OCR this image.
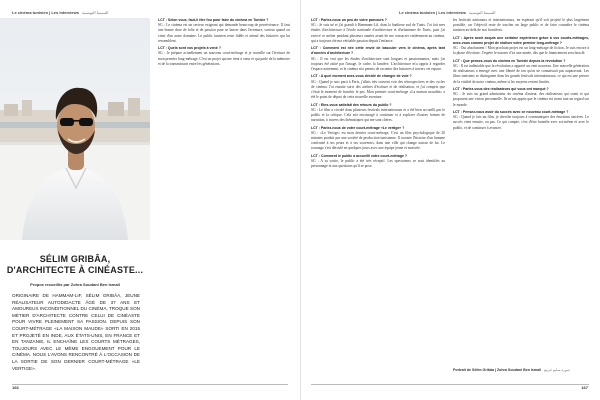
Le cinéma tunisien | Les interviews السينما التونسية
SÉLIM GRIBÂA,
D'ARCHITECTE À CINÉASTE...
Propos recueillis par Zohra Soudani Ben Ismail
ORIGINAIRE DE HAMMAM-LIF, SÉLIM GRIBÂA, JEUNE RÉALISATEUR AUTODIDACTE ÂGÉ DE 37 ANS ET AMOUREUX INCONDITIONNEL DU CINÉMA, TROQUE SON MÉTIER D'ARCHITECTE CONTRE CELUI DE CINÉASTE POUR VIVRE PLEINEMENT SA PASSION. DEPUIS SON COURT-MÉTRAGE «LA MAISON MAUDE» SORTI EN 2015 ET PROJETÉ EN INDE, AUX ÉTATS-UNIS, EN FRANCE ET EN TANZANIE, IL ENCHAÎNE LES COURTS MÉTRAGES, TOUJOURS AVEC LE MÊME ENGOUEMENT POUR LE CINÉMA. NOUS L'AVONS RENCONTRÉ À L'OCCASION DE LA SORTIE DE SON DERNIER COURT-MÉTRAGE «LE VERTIGE».
LCT : Selon vous, faut-il être fou pour faire du cinéma en Tunisie ?
SG : Le cinéma est un secteur exigeant qui demande beaucoup de persévérance. Il faut une bonne dose de folie et de passion pour se lancer dans l'aventure, surtout quand on vient d'un autre domaine. Le public tunisien reste fidèle et attend des histoires qui lui ressemblent.
LCT : Quels sont vos projets à venir ?
SG : Je prépare actuellement un nouveau court-métrage et je travaille sur l'écriture de mon premier long-métrage. C'est un projet qui me tient à cœur et qui parle de la mémoire et de la transmission entre les générations.
166
Le cinéma tunisien | Les interviews السينما التونسية
LCT : Parlez-nous un peu de votre parcours ?
SG : Je suis né et j'ai grandi à Hammam-Lif, dans la banlieue sud de Tunis. J'ai fait mes études d'architecture à l'école nationale d'architecture et d'urbanisme de Tunis, puis j'ai exercé ce métier pendant plusieurs années avant de me consacrer entièrement au cinéma, qui a toujours été ma véritable passion depuis l'enfance.
LCT : Comment est née cette envie de basculer vers le cinéma, après tant d'années d'architecture ?
SG : Il est vrai que les études d'architecture sont longues et passionnantes, mais j'ai toujours été attiré par l'image, le cadre, la lumière. L'architecture m'a appris à regarder l'espace autrement, et le cinéma m'a permis de raconter des histoires à travers cet espace.
LCT : A quel moment avez-vous décidé de changer de voie ?
SG : Quand je suis parti à Paris, j'allais très souvent voir des rétrospectives et des cycles de cinéma. J'ai ensuite suivi des ateliers d'écriture et de réalisation, et j'ai compris que c'était le moment de franchir le pas. Mon premier court-métrage «La maison maudite» a été le point de départ de cette nouvelle aventure.
LCT : Etes-vous satisfait des retours du public ?
SG : Le film a circulé dans plusieurs festivals internationaux et a été bien accueilli par le public et la critique. Cela m'a encouragé à continuer et à explorer d'autres formes de narration, à travers des thématiques qui me sont chères.
LCT : Parlez-nous de votre court-métrage «Le vertige» ?
SG : «Le Vertige» est mon dernier court-métrage. C'est un film psychologique de 20 minutes produit par une société de production tunisienne. Il raconte l'histoire d'un homme confronté à ses peurs et à ses souvenirs, dans une ville qui change autour de lui. Le tournage s'est déroulé en quelques jours avec une équipe jeune et motivée.
LCT : Comment le public a accueilli votre court-métrage ?
SG : A sa sortie, le public a été très réceptif. Les spectateurs se sont identifiés au personnage et aux questions qu'il se pose.
les festivals nationaux et internationaux, en espérant qu'il soit projeté le plus largement possible, car l'objectif reste de toucher un large public et de faire connaître le cinéma tunisien au-delà de nos frontières.
LCT : Après avoir acquis une certaine expérience grâce à vos courts-métrages, avez-vous comme projet de réaliser votre premier long-métrage ?
SG : Oui absolument ! Mon prochain projet est un long-métrage de fiction. Je suis encore à la phase d'écriture. J'espère le tourner d'ici une année, dès que le financement sera bouclé.
LCT : Que pensez-vous du cinéma en Tunisie depuis la révolution ?
SG : Il est indéniable que la révolution a apporté un vent nouveau. Une nouvelle génération de réalisateurs a émergé avec une liberté de ton qu'on ne connaissait pas auparavant. Les films tunisiens se distinguent dans les grands festivals internationaux, ce qui est une preuve de la vitalité de notre cinéma, même si les moyens restent limités.
LCT : Parlez-vous des réalisateurs qui vous ont marqué ?
SG : Je suis un grand admirateur du cinéma d'auteur, des réalisateurs qui osent et qui proposent une vision personnelle. Ils m'ont appris que le cinéma est avant tout un regard sur le monde.
LCT : Pensez-vous avoir du succès avec ce nouveau court-métrage ?
SG : Quand je fais un film, je cherche toujours à communiquer des émotions sincères. Le succès vient ensuite, ou pas. Ce qui compte, c'est d'être honnête avec soi-même et avec le public, et de continuer à avancer.
Portrait de Sélim Gribâa | Zohra Soudani Ben Ismail صورة سليم قريبع
167
